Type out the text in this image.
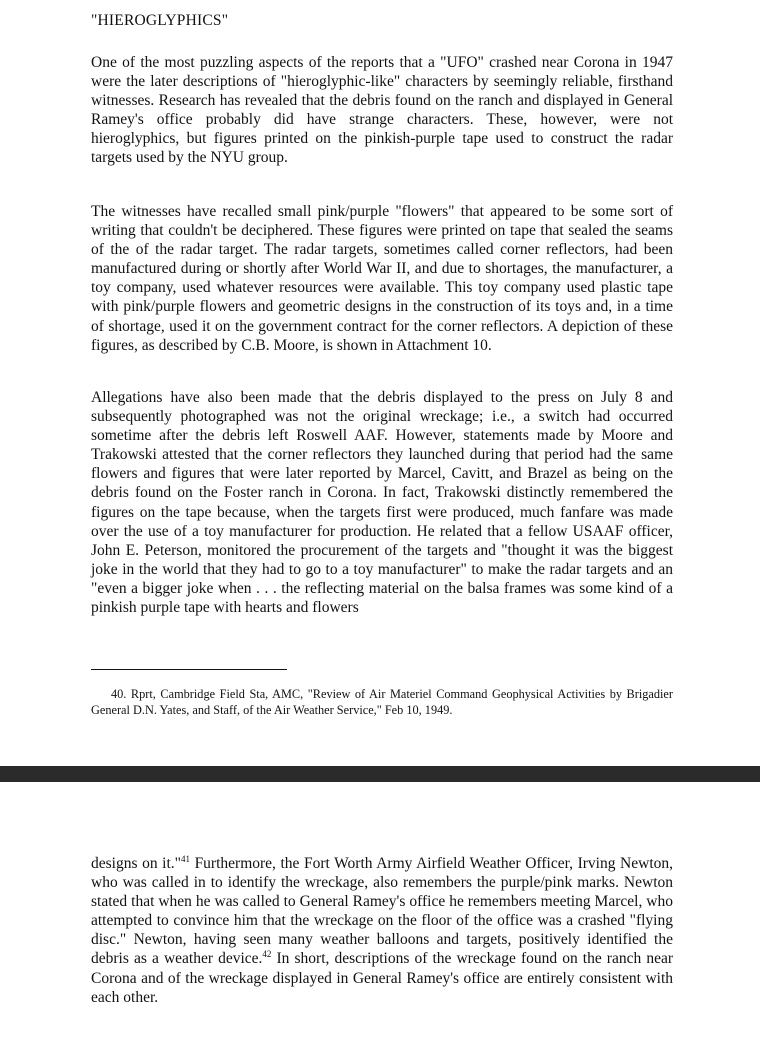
"HIEROGLYPHICS"

One of the most puzzling aspects of the reports that a "UFO" crashed near Corona in 1947 were the later descriptions of "hieroglyphic-like" characters by seemingly reliable, firsthand witnesses. Research has revealed that the debris found on the ranch and displayed in General Ramey's office probably did have strange characters. These, however, were not hieroglyphics, but figures printed on the pinkish-purple tape used to construct the radar targets used by the NYU group.

The witnesses have recalled small pink/purple "flowers" that appeared to be some sort of writing that couldn't be deciphered. These figures were printed on tape that sealed the seams of the of the radar target. The radar targets, sometimes called corner reflectors, had been manufactured during or shortly after World War II, and due to shortages, the manufacturer, a toy company, used whatever resources were available. This toy company used plastic tape with pink/purple flowers and geometric designs in the construction of its toys and, in a time of shortage, used it on the government contract for the corner reflectors. A depiction of these figures, as described by C.B. Moore, is shown in Attachment 10.

Allegations have also been made that the debris displayed to the press on July 8 and subsequently photographed was not the original wreckage; i.e., a switch had occurred sometime after the debris left Roswell AAF. However, statements made by Moore and Trakowski attested that the corner reflectors they launched during that period had the same flowers and figures that were later reported by Marcel, Cavitt, and Brazel as being on the debris found on the Foster ranch in Corona. In fact, Trakowski distinctly remembered the figures on the tape because, when the targets first were produced, much fanfare was made over the use of a toy manufacturer for production. He related that a fellow USAAF officer, John E. Peterson, monitored the procurement of the targets and "thought it was the biggest joke in the world that they had to go to a toy manufacturer" to make the radar targets and an "even a bigger joke when . . . the reflecting material on the balsa frames was some kind of a pinkish purple tape with hearts and flowers

40. Rprt, Cambridge Field Sta, AMC, "Review of Air Materiel Command Geophysical Activities by Brigadier General D.N. Yates, and Staff, of the Air Weather Service," Feb 10, 1949.

designs on it."$^{41}$ Furthermore, the Fort Worth Army Airfield Weather Officer, Irving Newton, who was called in to identify the wreckage, also remembers the purple/pink marks. Newton stated that when he was called to General Ramey's office he remembers meeting Marcel, who attempted to convince him that the wreckage on the floor of the office was a crashed "flying disc." Newton, having seen many weather balloons and targets, positively identified the debris as a weather device.$^{42}$ In short, descriptions of the wreckage found on the ranch near Corona and of the wreckage displayed in General Ramey's office are entirely consistent with each other.
